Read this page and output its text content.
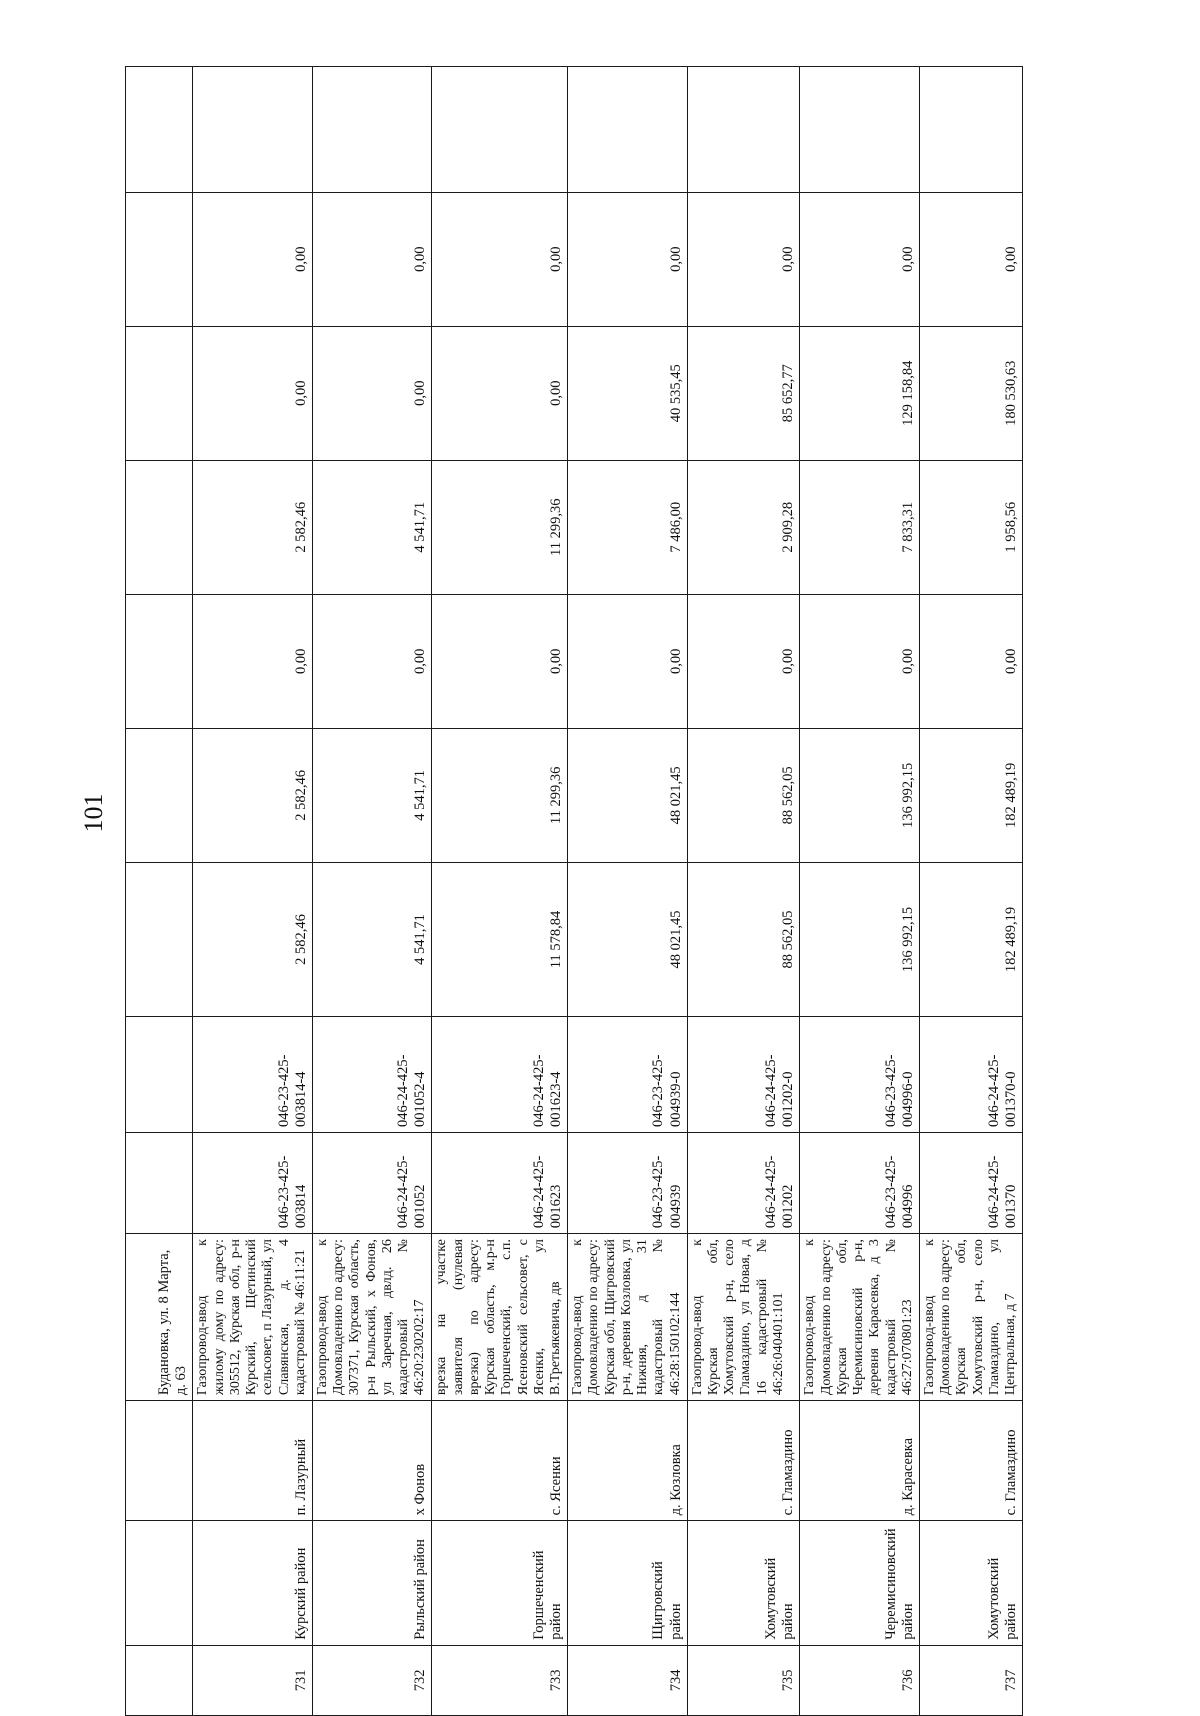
101
			Будановка, ул. 8 Марта, д. 63									
731	Курский район	п. Лазурный	Газопровод-ввод к жилому дому по адресу: 305512, Курская обл, р-н Курский, Щетинский сельсовет, п Лазурный, ул Славянская, д. 4 кадастровый № 46:11:21	046-23-425-003814	046-23-425-003814-4	2 582,46	2 582,46	0,00	2 582,46	0,00	0,00	
732	Рыльский район	х Фонов	Газопровод-ввод к Домовладению по адресу: 307371, Курская область, р-н Рыльский, х Фонов, ул Заречная, двлд. 26 кадастровый № 46:20:230202:17	046-24-425-001052	046-24-425-001052-4	4 541,71	4 541,71	0,00	4 541,71	0,00	0,00	
733	Горшеченский район	с. Ясенки	врезка на участке заявителя (нулевая врезка) по адресу: Курская область, м.р-н Горшеченский, с.п. Ясеновский сельсовет, с Ясенки, ул В.Третьякевича, дв	046-24-425-001623	046-24-425-001623-4	11 578,84	11 299,36	0,00	11 299,36	0,00	0,00	
734	Щигровский район	д. Козловка	Газопровод-ввод к Домовладению по адресу: Курская обл, Щигровский р-н, деревня Козловка, ул Нижняя, д 31 кадастровый № 46:28:150102:144	046-23-425-004939	046-23-425-004939-0	48 021,45	48 021,45	0,00	7 486,00	40 535,45	0,00	
735	Хомутовский район	с. Гламаздино	Газопровод-ввод к Курская обл, Хомутовский р-н, село Гламаздино, ул Новая, д 16 кадастровый № 46:26:040401:101	046-24-425-001202	046-24-425-001202-0	88 562,05	88 562,05	0,00	2 909,28	85 652,77	0,00	
736	Черемисиновский район	д. Карасевка	Газопровод-ввод к Домовладению по адресу: Курская обл, Черемисиновский р-н, деревня Карасевка, д 3 кадастровый № 46:27:070801:23	046-23-425-004996	046-23-425-004996-0	136 992,15	136 992,15	0,00	7 833,31	129 158,84	0,00	
737	Хомутовский район	с. Гламаздино	Газопровод-ввод к Домовладению по адресу: Курская обл, Хомутовский р-н, село Гламаздино, ул Центральная, д 7	046-24-425-001370	046-24-425-001370-0	182 489,19	182 489,19	0,00	1 958,56	180 530,63	0,00	
